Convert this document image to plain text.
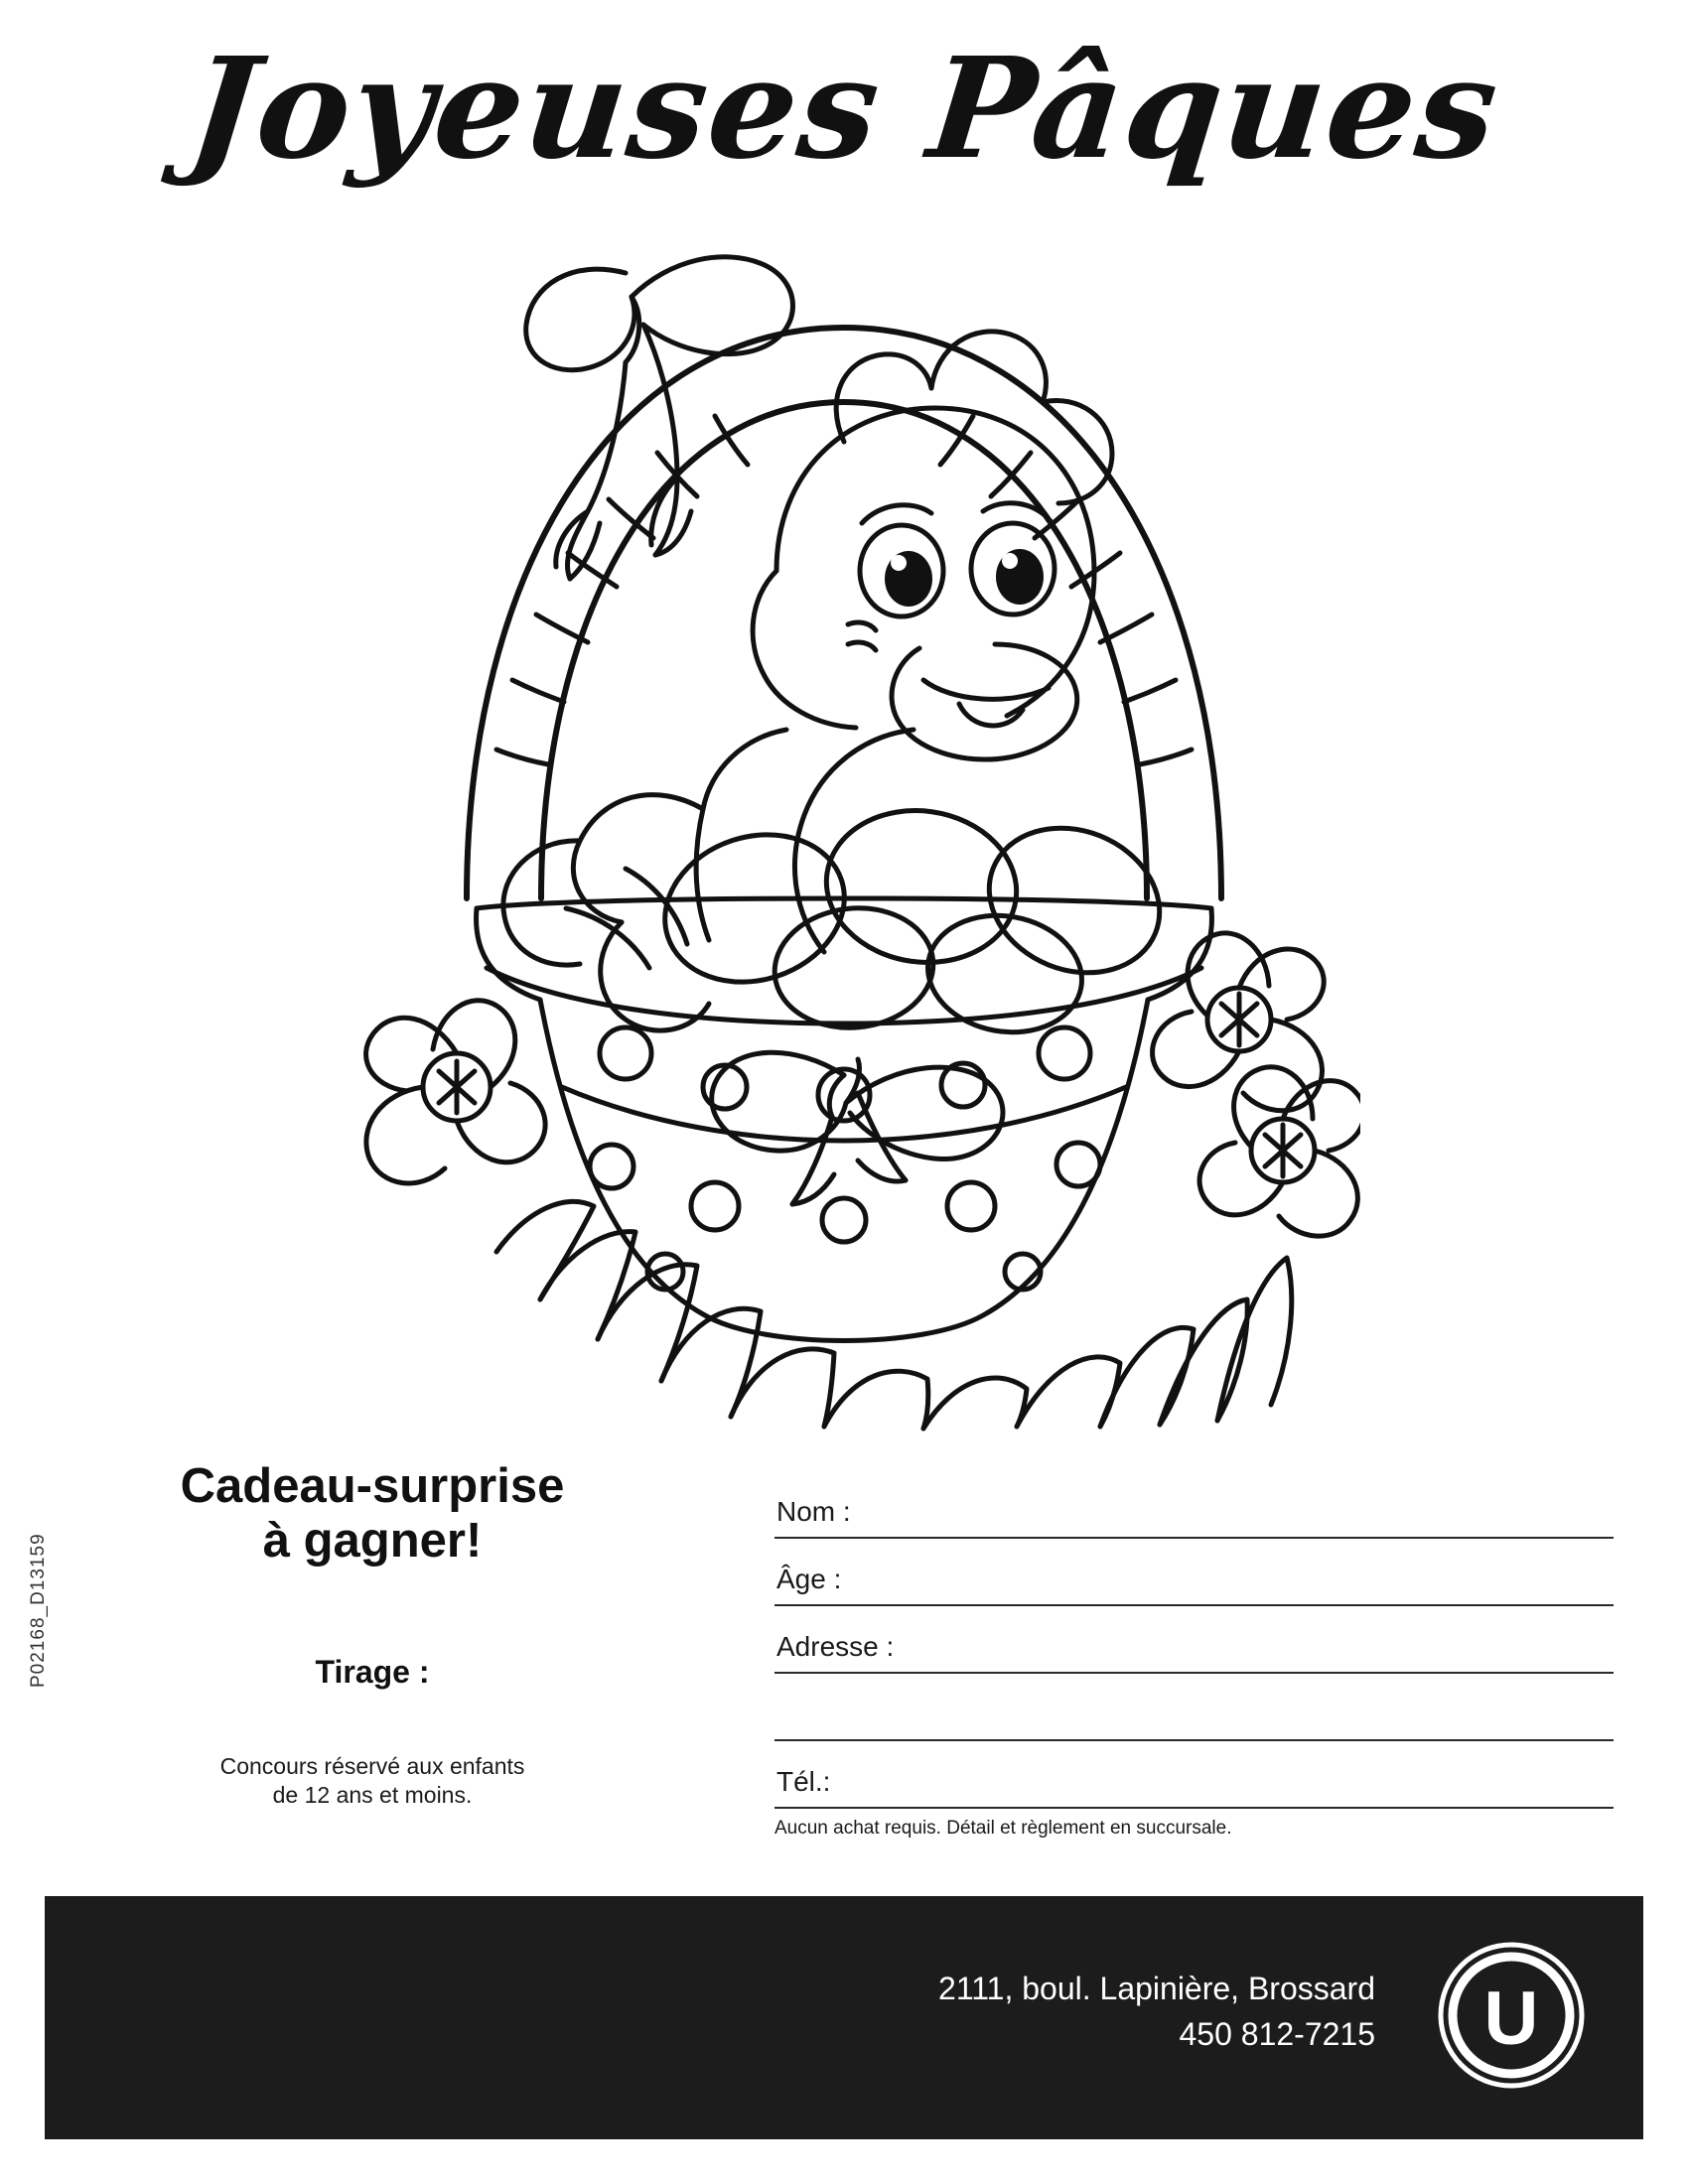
Joyeuses Pâques
Cadeau-surprise
à gagner!
Tirage :
Concours réservé aux enfants
de 12 ans et moins.
P02168_D13159
Nom :
Âge :
Adresse :
Tél.:
Aucun achat requis. Détail et règlement en succursale.
2111, boul. Lapinière, Brossard
450 812-7215 U
